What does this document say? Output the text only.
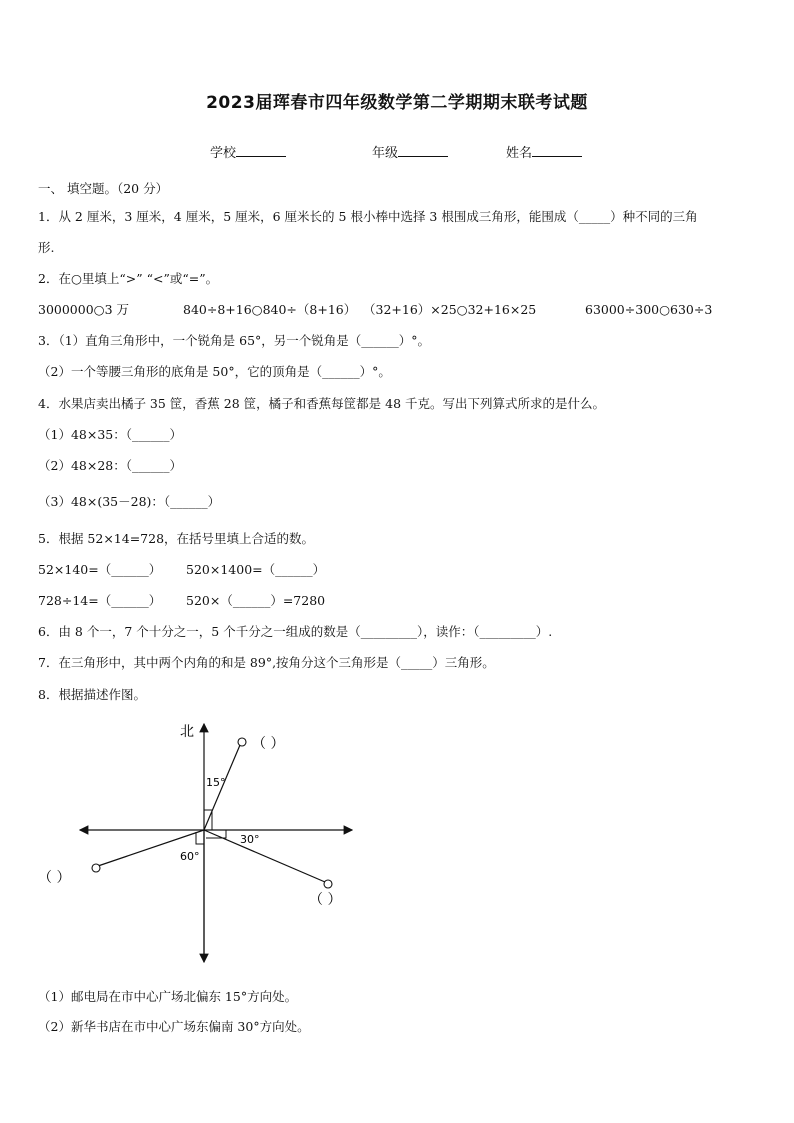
2023届珲春市四年级数学第二学期期末联考试题
学校	年级	姓名
一、 填空题。（20 分）
1．从 2 厘米，3 厘米，4 厘米，5 厘米，6 厘米长的 5 根小棒中选择 3 根围成三角形，能围成（_____）种不同的三角
形.
2．在○里填上“>” “<”或“=”。
3000000○3 万	840÷8+16○840÷（8+16） （32+16）×25○32+16×25	63000÷300○630÷3
3．（1）直角三角形中，一个锐角是 65°，另一个锐角是（______）°。
（2）一个等腰三角形的底角是 50°，它的顶角是（______）°。
4．水果店卖出橘子 35 筐，香蕉 28 筐，橘子和香蕉每筐都是 48 千克。写出下列算式所求的是什么。
（1）48×35：（______）
（2）48×28：（______）
（3）48×(35－28)：（______）
5．根据 52×14=728，在括号里填上合适的数。
52×140=（______） 520×1400=（______）
728÷14=（______） 520×（______）=7280
6．由 8 个一，7 个十分之一，5 个千分之一组成的数是（_________），读作：（_________）.
7．在三角形中，其中两个内角的和是 89°,按角分这个三角形是（_____）三角形。
8．根据描述作图。
北
（ ）
15°
（ ）
30°
（ ）
60°
（1）邮电局在市中心广场北偏东 15°方向处。
（2）新华书店在市中心广场东偏南 30°方向处。
